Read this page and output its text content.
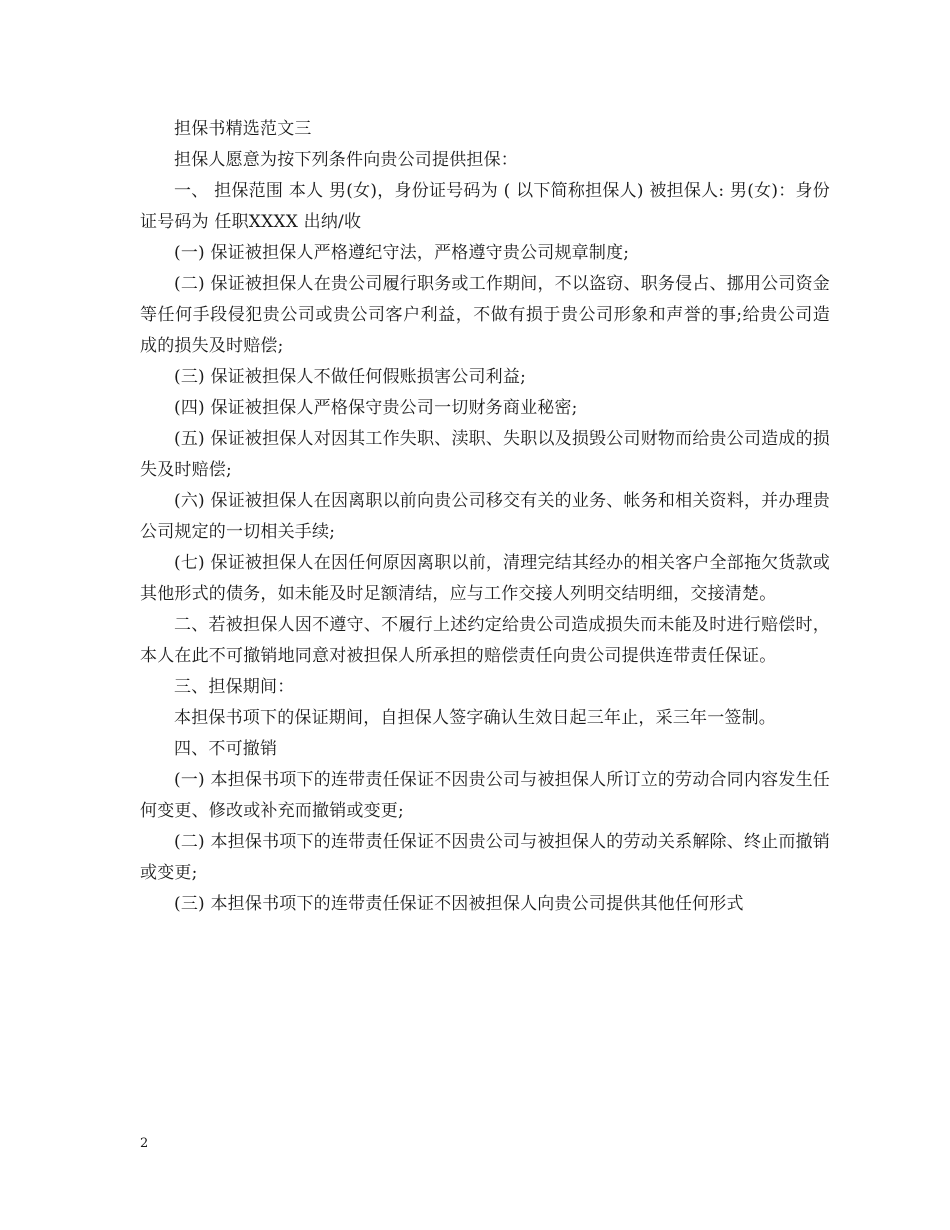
担保书精选范文三

担保人愿意为按下列条件向贵公司提供担保：

一、 担保范围 本人 男(女)，身份证号码为 ( 以下简称担保人) 被担保人: 男(女)：身份证号码为 任职XXXX 出纳/收

(一) 保证被担保人严格遵纪守法，严格遵守贵公司规章制度;

(二) 保证被担保人在贵公司履行职务或工作期间，不以盗窃、职务侵占、挪用公司资金等任何手段侵犯贵公司或贵公司客户利益，不做有损于贵公司形象和声誉的事;给贵公司造成的损失及时赔偿;

(三) 保证被担保人不做任何假账损害公司利益;

(四) 保证被担保人严格保守贵公司一切财务商业秘密;

(五) 保证被担保人对因其工作失职、渎职、失职以及损毁公司财物而给贵公司造成的损失及时赔偿;

(六) 保证被担保人在因离职以前向贵公司移交有关的业务、帐务和相关资料，并办理贵公司规定的一切相关手续;

(七) 保证被担保人在因任何原因离职以前，清理完结其经办的相关客户全部拖欠货款或其他形式的债务，如未能及时足额清结，应与工作交接人列明交结明细，交接清楚。

二、若被担保人因不遵守、不履行上述约定给贵公司造成损失而未能及时进行赔偿时，本人在此不可撤销地同意对被担保人所承担的赔偿责任向贵公司提供连带责任保证。

三、担保期间：

本担保书项下的保证期间，自担保人签字确认生效日起三年止，采三年一签制。

四、不可撤销

(一) 本担保书项下的连带责任保证不因贵公司与被担保人所订立的劳动合同内容发生任何变更、修改或补充而撤销或变更;

(二) 本担保书项下的连带责任保证不因贵公司与被担保人的劳动关系解除、终止而撤销或变更;

(三) 本担保书项下的连带责任保证不因被担保人向贵公司提供其他任何形式

2
